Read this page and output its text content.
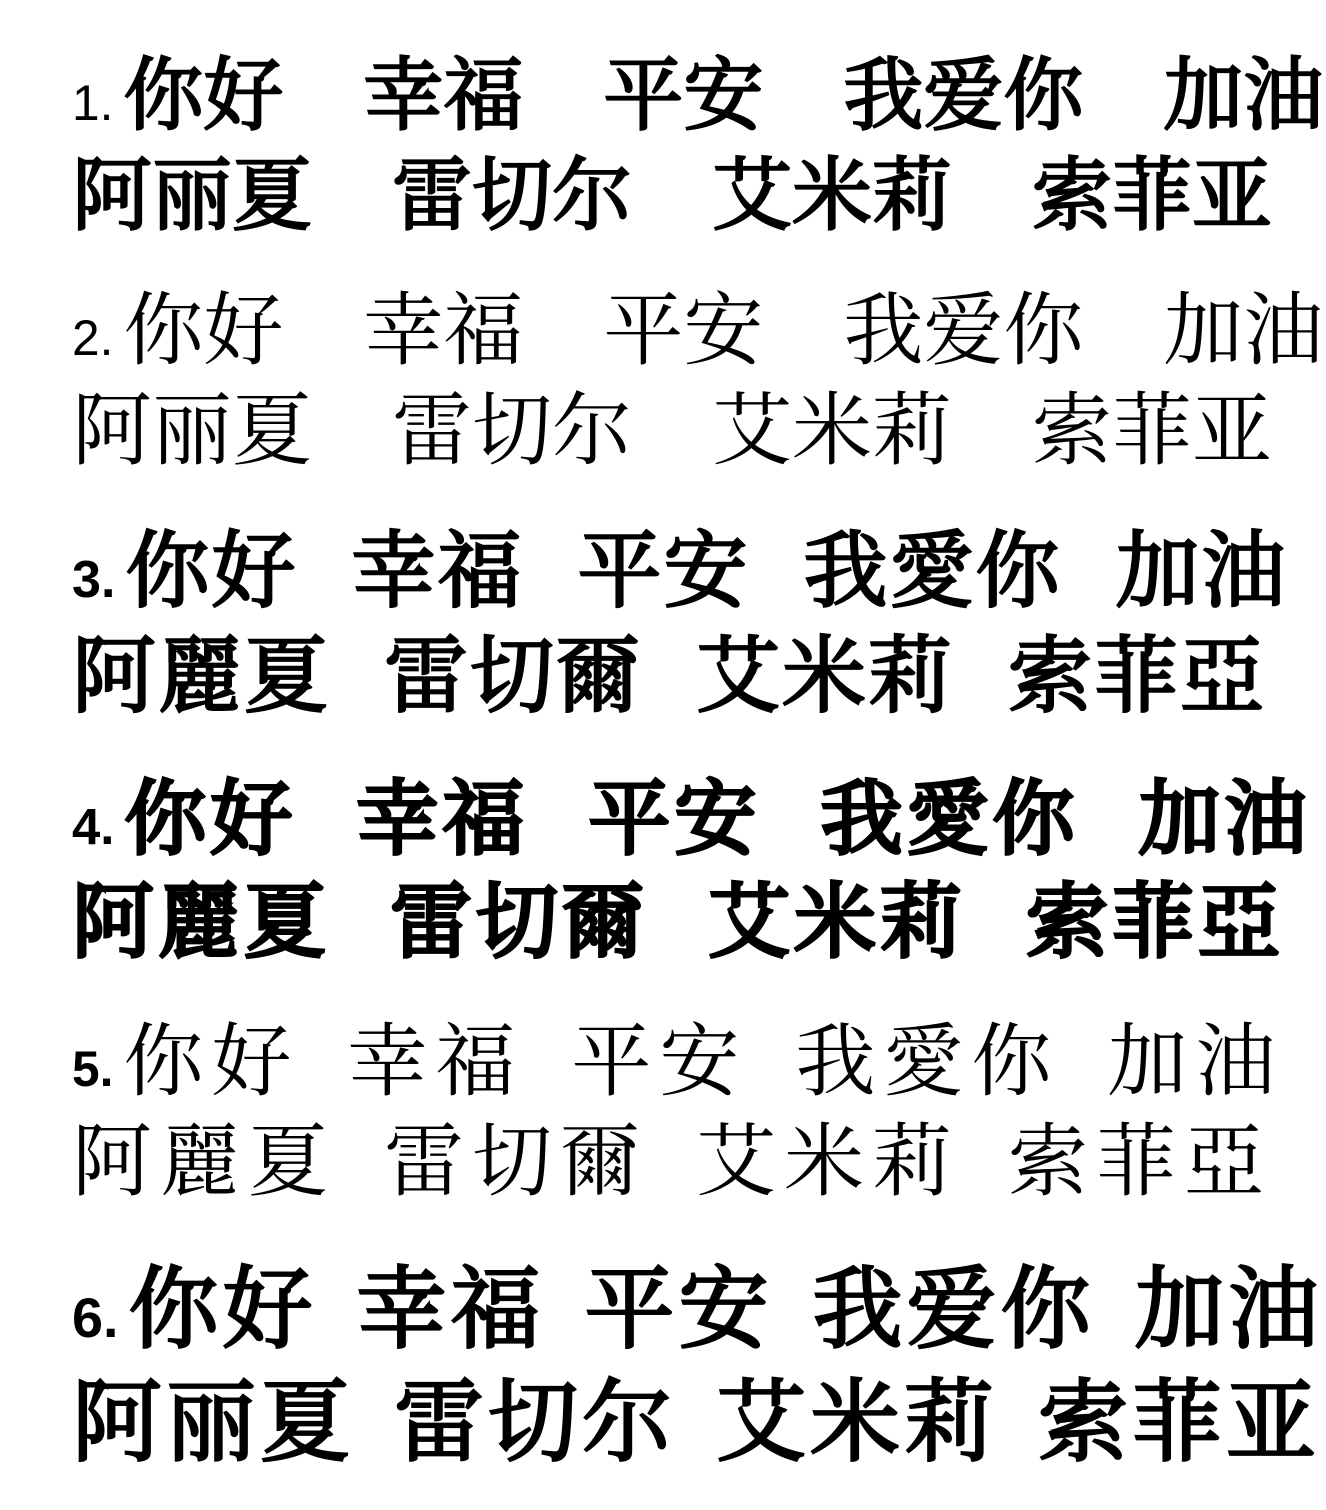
1. 你好 幸福 平安 我爱你 加油
阿丽夏 雷切尔 艾米莉 索菲亚
2. 你好 幸福 平安 我爱你 加油
阿丽夏 雷切尔 艾米莉 索菲亚
3. 你好 幸福 平安 我愛你 加油
阿麗夏 雷切爾 艾米莉 索菲亞
4. 你好 幸福 平安 我愛你 加油
阿麗夏 雷切爾 艾米莉 索菲亞
5. 你好 幸福 平安 我愛你 加油
阿麗夏 雷切爾 艾米莉 索菲亞
6. 你好 幸福 平安 我爱你 加油
阿丽夏 雷切尔 艾米莉 索菲亚
